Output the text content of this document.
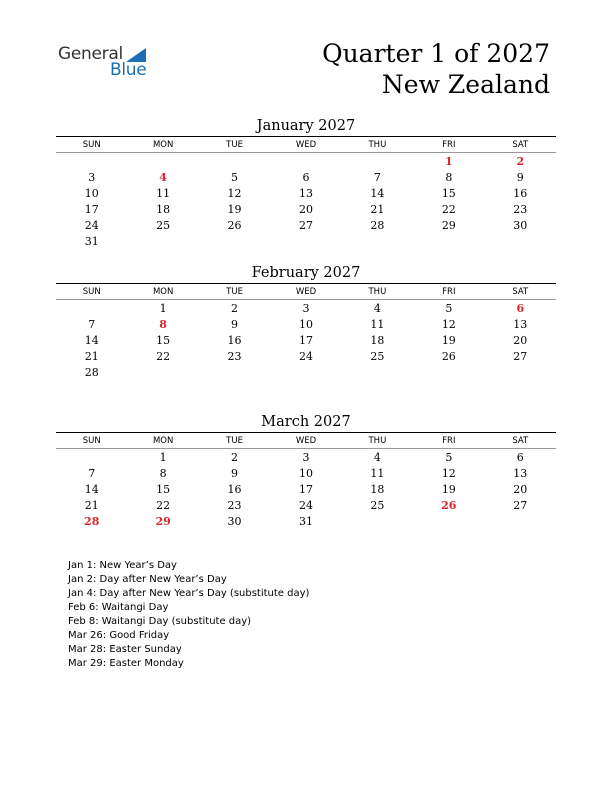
General
Blue
Quarter 1 of 2027
New Zealand
January 2027
SUN	MON	TUE	WED	THU	FRI	SAT
					1	2
3	4	5	6	7	8	9
10	11	12	13	14	15	16
17	18	19	20	21	22	23
24	25	26	27	28	29	30
31						
February 2027
SUN	MON	TUE	WED	THU	FRI	SAT
	1	2	3	4	5	6
7	8	9	10	11	12	13
14	15	16	17	18	19	20
21	22	23	24	25	26	27
28						
March 2027
SUN	MON	TUE	WED	THU	FRI	SAT
	1	2	3	4	5	6
7	8	9	10	11	12	13
14	15	16	17	18	19	20
21	22	23	24	25	26	27
28	29	30	31			
Jan 1: New Year’s Day
Jan 2: Day after New Year’s Day
Jan 4: Day after New Year’s Day (substitute day)
Feb 6: Waitangi Day
Feb 8: Waitangi Day (substitute day)
Mar 26: Good Friday
Mar 28: Easter Sunday
Mar 29: Easter Monday
